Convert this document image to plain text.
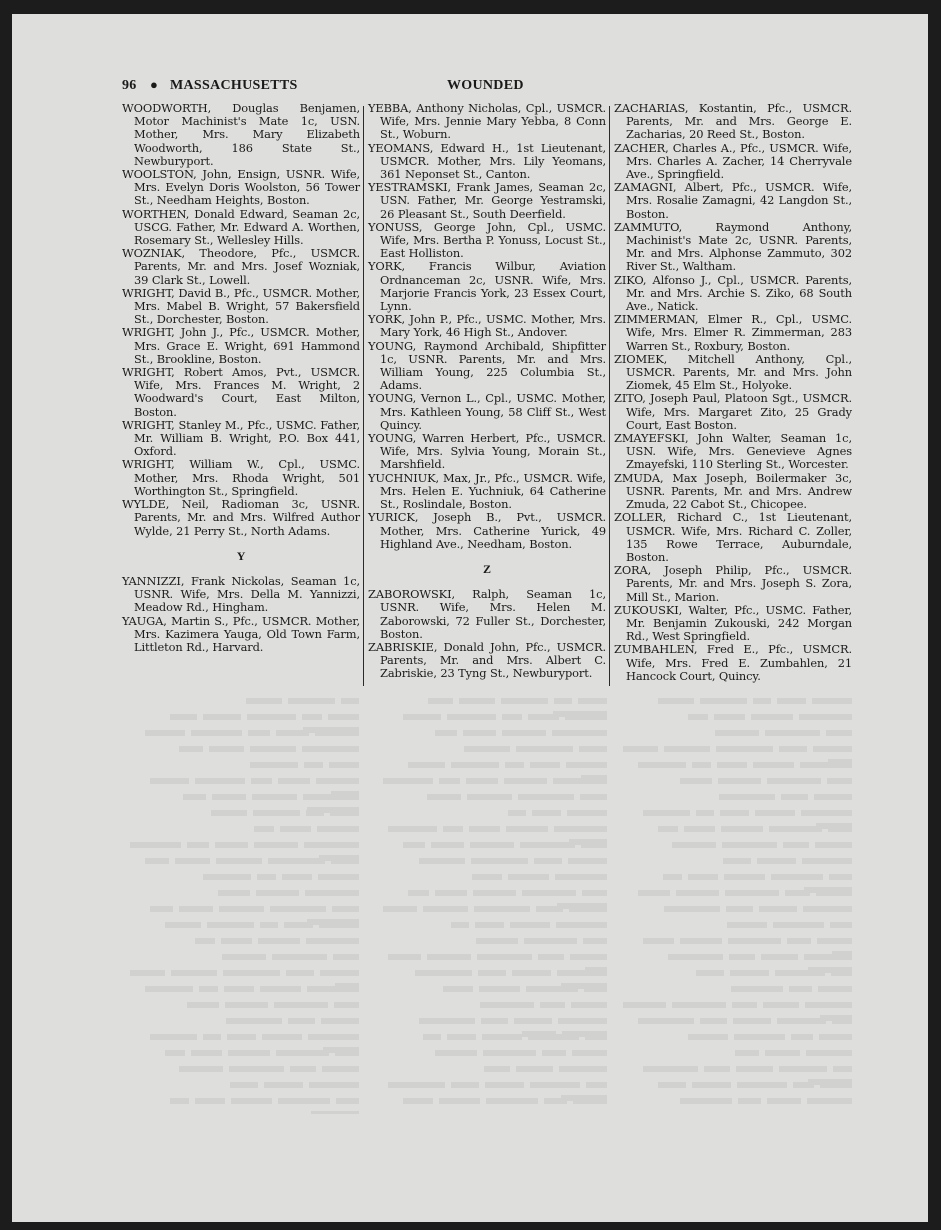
96 ● MASSACHUSETTS	WOUNDED

WOODWORTH, Douglas Benjamen, Motor Machinist's Mate 1c, USN. Mother, Mrs. Mary Elizabeth Woodworth, 186 State St., Newburyport.

WOOLSTON, John, Ensign, USNR. Wife, Mrs. Evelyn Doris Woolston, 56 Tower St., Needham Heights, Boston.

WORTHEN, Donald Edward, Seaman 2c, USCG. Father, Mr. Edward A. Worthen, Rosemary St., Wellesley Hills.

WOZNIAK, Theodore, Pfc., USMCR. Parents, Mr. and Mrs. Josef Wozniak, 39 Clark St., Lowell.

WRIGHT, David B., Pfc., USMCR. Mother, Mrs. Mabel B. Wright, 57 Bakersfield St., Dorchester, Boston.

WRIGHT, John J., Pfc., USMCR. Mother, Mrs. Grace E. Wright, 691 Hammond St., Brookline, Boston.

WRIGHT, Robert Amos, Pvt., USMCR. Wife, Mrs. Frances M. Wright, 2 Woodward's Court, East Milton, Boston.

WRIGHT, Stanley M., Pfc., USMC. Father, Mr. William B. Wright, P.O. Box 441, Oxford.

WRIGHT, William W., Cpl., USMC. Mother, Mrs. Rhoda Wright, 501 Worthington St., Springfield.

WYLDE, Neil, Radioman 3c, USNR. Parents, Mr. and Mrs. Wilfred Author Wylde, 21 Perry St., North Adams.

Y

YANNIZZI, Frank Nickolas, Seaman 1c, USNR. Wife, Mrs. Della M. Yannizzi, Meadow Rd., Hingham.

YAUGA, Martin S., Pfc., USMCR. Mother, Mrs. Kazimera Yauga, Old Town Farm, Littleton Rd., Harvard.

YEBBA, Anthony Nicholas, Cpl., USMCR. Wife, Mrs. Jennie Mary Yebba, 8 Conn St., Woburn.

YEOMANS, Edward H., 1st Lieutenant, USMCR. Mother, Mrs. Lily Yeomans, 361 Neponset St., Canton.

YESTRAMSKI, Frank James, Seaman 2c, USN. Father, Mr. George Yestramski, 26 Pleasant St., South Deerfield.

YONUSS, George John, Cpl., USMC. Wife, Mrs. Bertha P. Yonuss, Locust St., East Holliston.

YORK, Francis Wilbur, Aviation Ordnanceman 2c, USNR. Wife, Mrs. Marjorie Francis York, 23 Essex Court, Lynn.

YORK, John P., Pfc., USMC. Mother, Mrs. Mary York, 46 High St., Andover.

YOUNG, Raymond Archibald, Shipfitter 1c, USNR. Parents, Mr. and Mrs. William Young, 225 Columbia St., Adams.

YOUNG, Vernon L., Cpl., USMC. Mother, Mrs. Kathleen Young, 58 Cliff St., West Quincy.

YOUNG, Warren Herbert, Pfc., USMCR. Wife, Mrs. Sylvia Young, Morain St., Marshfield.

YUCHNIUK, Max, Jr., Pfc., USMCR. Wife, Mrs. Helen E. Yuchniuk, 64 Catherine St., Roslindale, Boston.

YURICK, Joseph B., Pvt., USMCR. Mother, Mrs. Catherine Yurick, 49 Highland Ave., Needham, Boston.

Z

ZABOROWSKI, Ralph, Seaman 1c, USNR. Wife, Mrs. Helen M. Zaborowski, 72 Fuller St., Dorchester, Boston.

ZABRISKIE, Donald John, Pfc., USMCR. Parents, Mr. and Mrs. Albert C. Zabriskie, 23 Tyng St., Newburyport.

ZACHARIAS, Kostantin, Pfc., USMCR. Parents, Mr. and Mrs. George E. Zacharias, 20 Reed St., Boston.

ZACHER, Charles A., Pfc., USMCR. Wife, Mrs. Charles A. Zacher, 14 Cherryvale Ave., Springfield.

ZAMAGNI, Albert, Pfc., USMCR. Wife, Mrs. Rosalie Zamagni, 42 Langdon St., Boston.

ZAMMUTO, Raymond Anthony, Machinist's Mate 2c, USNR. Parents, Mr. and Mrs. Alphonse Zammuto, 302 River St., Waltham.

ZIKO, Alfonso J., Cpl., USMCR. Parents, Mr. and Mrs. Archie S. Ziko, 68 South Ave., Natick.

ZIMMERMAN, Elmer R., Cpl., USMC. Wife, Mrs. Elmer R. Zimmerman, 283 Warren St., Roxbury, Boston.

ZIOMEK, Mitchell Anthony, Cpl., USMCR. Parents, Mr. and Mrs. John Ziomek, 45 Elm St., Holyoke.

ZITO, Joseph Paul, Platoon Sgt., USMCR. Wife, Mrs. Margaret Zito, 25 Grady Court, East Boston.

ZMAYEFSKI, John Walter, Seaman 1c, USN. Wife, Mrs. Genevieve Agnes Zmayefski, 110 Sterling St., Worcester.

ZMUDA, Max Joseph, Boilermaker 3c, USNR. Parents, Mr. and Mrs. Andrew Zmuda, 22 Cabot St., Chicopee.

ZOLLER, Richard C., 1st Lieutenant, USMCR. Wife, Mrs. Richard C. Zoller, 135 Rowe Terrace, Auburndale, Boston.

ZORA, Joseph Philip, Pfc., USMCR. Parents, Mr. and Mrs. Joseph S. Zora, Mill St., Marion.

ZUKOUSKI, Walter, Pfc., USMC. Father, Mr. Benjamin Zukouski, 242 Morgan Rd., West Springfield.

ZUMBAHLEN, Fred E., Pfc., USMCR. Wife, Mrs. Fred E. Zumbahlen, 21 Hancock Court, Quincy.
